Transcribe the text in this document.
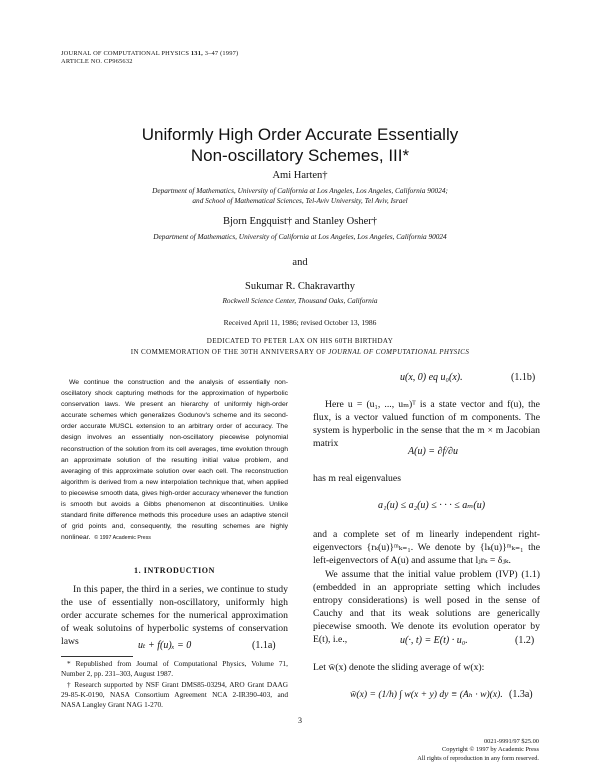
JOURNAL OF COMPUTATIONAL PHYSICS 131, 3–47 (1997)
ARTICLE NO. CP965632
Uniformly High Order Accurate Essentially
Non-oscillatory Schemes, III*
Ami Harten†
Department of Mathematics, University of California at Los Angeles, Los Angeles, California 90024;
and School of Mathematical Sciences, Tel-Aviv University, Tel Aviv, Israel
Bjorn Engquist† and Stanley Osher†
Department of Mathematics, University of California at Los Angeles, Los Angeles, California 90024
and
Sukumar R. Chakravarthy
Rockwell Science Center, Thousand Oaks, California
Received April 11, 1986; revised October 13, 1986
DEDICATED TO PETER LAX ON HIS 60TH BIRTHDAY
IN COMMEMORATION OF THE 30TH ANNIVERSARY OF JOURNAL OF COMPUTATIONAL PHYSICS
We continue the construction and the analysis of essentially non-oscillatory shock capturing methods for the approximation of hyperbolic conservation laws. We present an hierarchy of uniformly high-order accurate schemes which generalizes Godunov's scheme and its second-order accurate MUSCL extension to an arbitrary order of accuracy. The design involves an essentially non-oscillatory piecewise polynomial reconstruction of the solution from its cell averages, time evolution through an approximate solution of the resulting initial value problem, and averaging of this approximate solution over each cell. The reconstruction algorithm is derived from a new interpolation technique that, when applied to piecewise smooth data, gives high-order accuracy whenever the function is smooth but avoids a Gibbs phenomenon at discontinuities. Unlike standard finite difference methods this procedure uses an adaptive stencil of grid points and, consequently, the resulting schemes are highly nonlinear. © 1997 Academic Press
1. INTRODUCTION
In this paper, the third in a series, we continue to study the use of essentially non-oscillatory, uniformly high order accurate schemes for the numerical approximation of weak solutoins of hyperbolic systems of conservation laws	uₜ + f(u)ₓ = 0	(1.1a)
* Republished from Journal of Computational Physics, Volume 71, Number 2, pp. 231–303, August 1987.
† Research supported by NSF Grant DMS85-03294, ARO Grant DAAG 29-85-K-0190, NASA Consortium Agreement NCA 2-IR390-403, and NASA Langley Grant NAG 1-270.
u(x, 0) eq u₀(x).	(1.1b)
Here u = (u₁, ..., uₘ)ᵀ is a state vector and f(u), the flux, is a vector valued function of m components. The system is hyperbolic in the sense that the m × m Jacobian matrix
A(u) = ∂f/∂u
has m real eigenvalues
a₁(u) ≤ a₂(u) ≤ · · · ≤ aₘ(u)
and a complete set of m linearly independent right-eigenvectors {rₖ(u)}ᵐₖ₌₁. We denote by {lₖ(u)}ᵐₖ₌₁ the left-eigenvectors of A(u) and assume that lⱼrₖ = δⱼₖ.
We assume that the initial value problem (IVP) (1.1) (embedded in an appropriate setting which includes entropy considerations) is well posed in the sense of Cauchy and that its weak solutions are generically piecewise smooth. We denote its evolution operator by E(t), i.e.,	u(·, t) = E(t) · u₀.	(1.2)
Let w̄(x) denote the sliding average of w(x):
w̄(x) = (1/h) ∫ w(x + y) dy ≡ (Aₕ · w)(x). (1.3a)
3
0021-9991/97 $25.00
Copyright © 1997 by Academic Press
All rights of reproduction in any form reserved.
